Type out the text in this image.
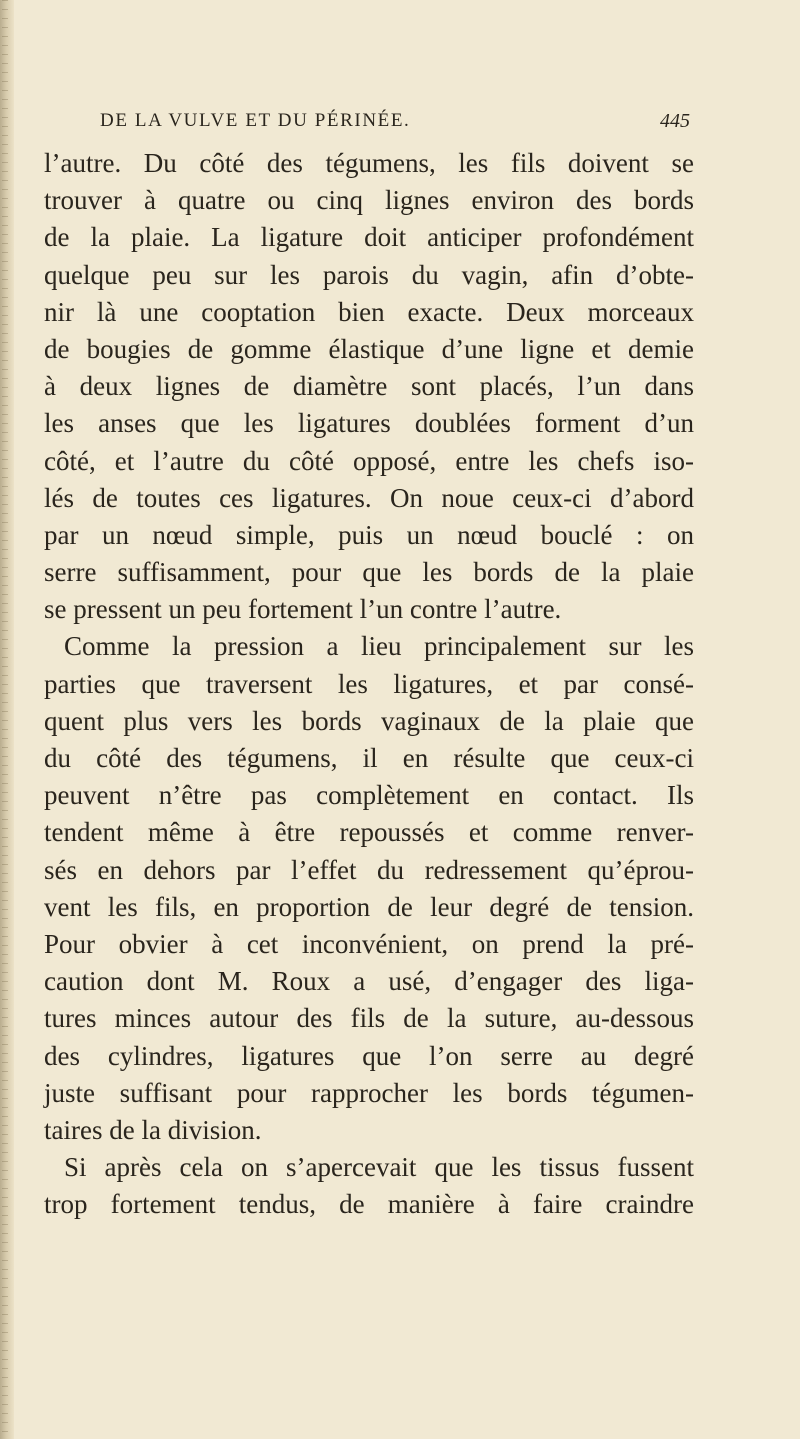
DE LA VULVE ET DU PÉRINÉE.	445
l’autre. Du côté des tégumens, les fils doivent se
trouver à quatre ou cinq lignes environ des bords
de la plaie. La ligature doit anticiper profondément
quelque peu sur les parois du vagin, afin d’obte-
nir là une cooptation bien exacte. Deux morceaux
de bougies de gomme élastique d’une ligne et demie
à deux lignes de diamètre sont placés, l’un dans
les anses que les ligatures doublées forment d’un
côté, et l’autre du côté opposé, entre les chefs iso-
lés de toutes ces ligatures. On noue ceux-ci d’abord
par un nœud simple, puis un nœud bouclé : on
serre suffisamment, pour que les bords de la plaie
se pressent un peu fortement l’un contre l’autre.
Comme la pression a lieu principalement sur les
parties que traversent les ligatures, et par consé-
quent plus vers les bords vaginaux de la plaie que
du côté des tégumens, il en résulte que ceux-ci
peuvent n’être pas complètement en contact. Ils
tendent même à être repoussés et comme renver-
sés en dehors par l’effet du redressement qu’éprou-
vent les fils, en proportion de leur degré de tension.
Pour obvier à cet inconvénient, on prend la pré-
caution dont M. Roux a usé, d’engager des liga-
tures minces autour des fils de la suture, au-dessous
des cylindres, ligatures que l’on serre au degré
juste suffisant pour rapprocher les bords tégumen-
taires de la division.
Si après cela on s’apercevait que les tissus fussent
trop fortement tendus, de manière à faire craindre
